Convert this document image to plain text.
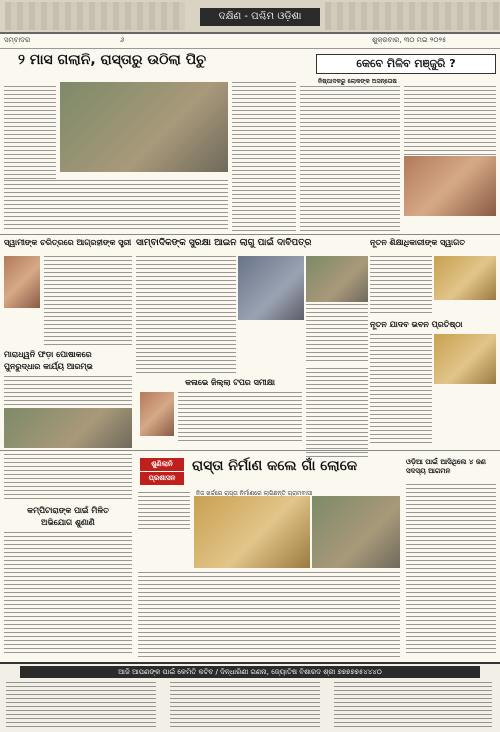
ଦକ୍ଷିଣ - ପଶ୍ଚିମ ଓଡ଼ିଶା
ସମ୍ବାଦର	୬	ଶୁକ୍ରବାର, ୩୦ ମଇ ୨୦୨୫
୨ ମାସ ଗଲାନି, ରାସ୍ତାରୁ ଉଠିଲା ପିଚୁ	କେବେ ମିଳିବ ମଞ୍ଜୁରି ?
ନିଷ୍ପାଦକରୁ ଲୋକଙ୍କ ଅସନ୍ତୋଷ
ସ୍ୱାମୀଙ୍କ ଚରିତ୍ରରେ ଆଗ୍ରହୀଙ୍କ ସ୍ତ୍ରୀ ସାମ୍ବାଦିକଙ୍କ ସୁରକ୍ଷା ଆଇନ ଲାଗୁ ପାଇଁ ଦାବିପତ୍ର	ନୂତନ ଶିକ୍ଷାଧିକାରୀଙ୍କ ସ୍ୱାଗତ
ମାରାଧ୍ୱନି ଫଡ଼ା ପୋଷାକରେ
ପୁନରୁଦ୍ଧାର କାର୍ଯ୍ୟ ଆରମ୍ଭ
କଳାଭେ ଜିଲ୍ଲା ଟପର ସମୀକ୍ଷା
ନୂତନ ଯାଦବ ଭବନ ପ୍ରତିଷ୍ଠା
କମ୍ପିଟାରାଙ୍କ ପାଇଁ ମିଳିତ
ଅଭିଯୋଗ ଶୁଣାଣି
ଶୁଣିଲାନି
ପ୍ରଶାସନ
ରାସ୍ତା ନିର୍ମାଣ କଲେ ଗାଁ ଲୋକେ
ନିଜ ଖର୍ଚ୍ଚରେ ରାସ୍ତା ନିର୍ମାଣରେ ଲାଗିଛନ୍ତି ଗ୍ରାମବାସୀ
ଓଡ଼ିଆ ପାଇଁ ଆସିଥିଲେ ୪ ଜଣ ସଦସ୍ୟ ଆଗମନ
ଆଜି ଆପଣଙ୍କ ପାଇଁ କେମିତି କଟିବ / ଦିନ୍ଧାରିଣୀ ଗଣନା, ଜ୍ୟୋତିଷ ବିଶାରଦ ଶ୍ରୀ ୭୭୭୭୭୫୪୪୪୦
